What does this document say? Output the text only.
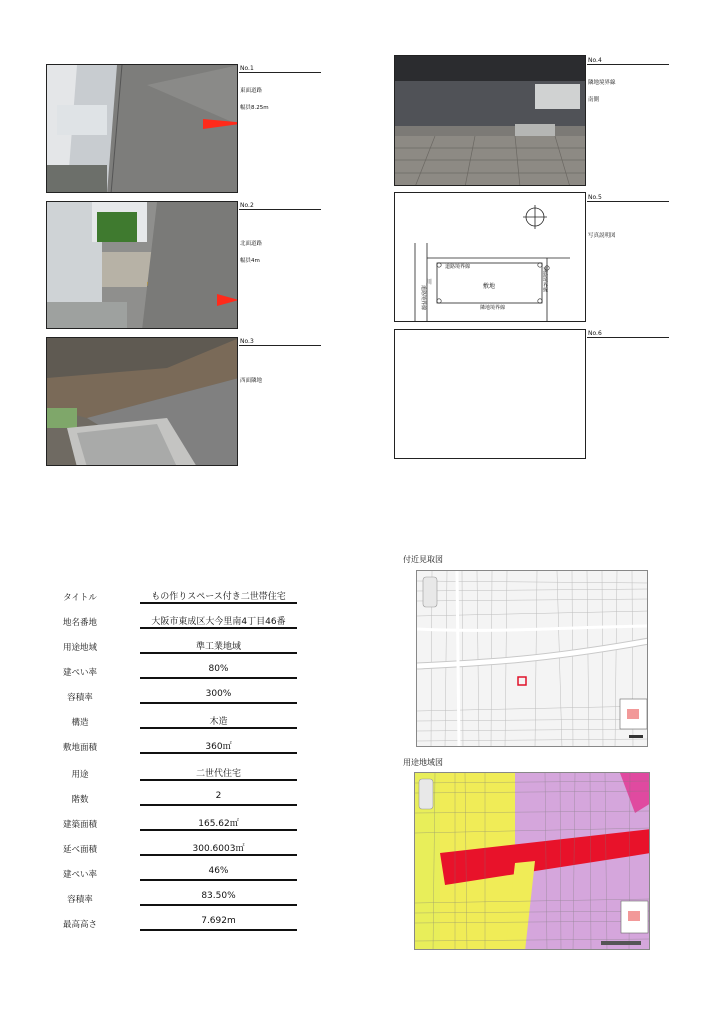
No.1
東面道路
幅員8.25m
No.2
北面道路
幅員4m
No.3
西面隣地
No.4
隣地境界線
南側
道路境界線
道路境界線
道路境界線
敷地
隣地境界線
川
No.5
写真説明図
No.6
タイトル	もの作りスペース付き二世帯住宅
地名番地	大阪市東成区大今里南4丁目46番
用途地域	準工業地域
建ぺい率	80%
容積率	300%
構造	木造
敷地面積	360㎡
用途	二世代住宅
階数	2
建築面積	165.62㎡
延べ面積	300.6003㎡
建ぺい率	46%
容積率	83.50%
最高高さ	7.692m
付近見取図
用途地域図
